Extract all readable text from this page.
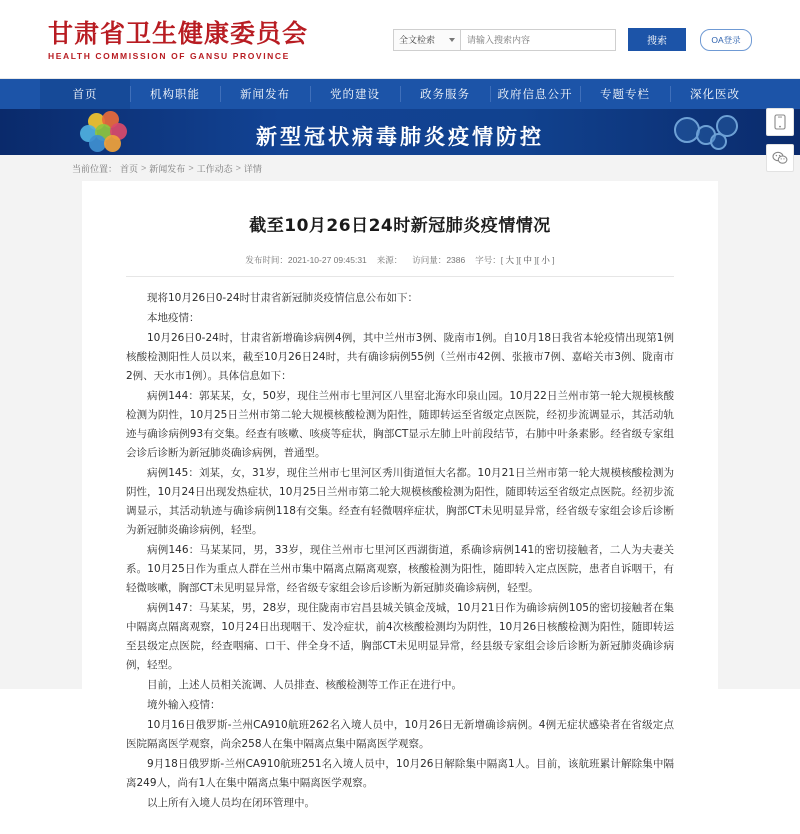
甘肃省卫生健康委员会
HEALTH COMMISSION OF GANSU PROVINCE
全文检索
请输入搜索内容	搜索	OA登录
首页	机构职能	新闻发布	党的建设	政务服务	政府信息公开	专题专栏	深化医改
新型冠状病毒肺炎疫情防控
当前位置： 首页 > 新闻发布 > 工作动态 > 详情
截至10月26日24时新冠肺炎疫情情况
发布时间：2021-10-27 09:45:31 来源： 访问量：2386 字号：[ 大 ][ 中 ][ 小 ]

现将10月26日0-24时甘肃省新冠肺炎疫情信息公布如下：

本地疫情：

10月26日0-24时，甘肃省新增确诊病例4例，其中兰州市3例、陇南市1例。自10月18日我省本轮疫情出现第1例核酸检测阳性人员以来，截至10月26日24时，共有确诊病例55例（兰州市42例、张掖市7例、嘉峪关市3例、陇南市2例、天水市1例）。具体信息如下：

病例144：郭某某，女，50岁，现住兰州市七里河区八里窑北海水印泉山园。10月22日兰州市第一轮大规模核酸检测为阴性，10月25日兰州市第二轮大规模核酸检测为阳性，随即转运至省级定点医院，经初步流调显示，其活动轨迹与确诊病例93有交集。经查有咳嗽、咳痰等症状，胸部CT显示左肺上叶前段结节，右肺中叶条素影。经省级专家组会诊后诊断为新冠肺炎确诊病例，普通型。

病例145：刘某，女，31岁，现住兰州市七里河区秀川街道恒大名都。10月21日兰州市第一轮大规模核酸检测为阴性，10月24日出现发热症状，10月25日兰州市第二轮大规模核酸检测为阳性，随即转运至省级定点医院。经初步流调显示，其活动轨迹与确诊病例118有交集。经查有轻微咽痒症状，胸部CT未见明显异常，经省级专家组会诊后诊断为新冠肺炎确诊病例，轻型。

病例146：马某某同，男，33岁，现住兰州市七里河区西湖街道，系确诊病例141的密切接触者，二人为夫妻关系。10月25日作为重点人群在兰州市集中隔离点隔离观察，核酸检测为阳性，随即转入定点医院，患者自诉咽干，有轻微咳嗽，胸部CT未见明显异常，经省级专家组会诊后诊断为新冠肺炎确诊病例，轻型。

病例147：马某某，男，28岁，现住陇南市宕昌县城关镇金茂城，10月21日作为确诊病例105的密切接触者在集中隔离点隔离观察，10月24日出现咽干、发冷症状，前4次核酸检测均为阴性，10月26日核酸检测为阳性，随即转运至县级定点医院，经查咽痛、口干、伴全身不适，胸部CT未见明显异常，经县级专家组会诊后诊断为新冠肺炎确诊病例，轻型。

目前，上述人员相关流调、人员排查、核酸检测等工作正在进行中。

境外输入疫情：

10月16日俄罗斯-兰州CA910航班262名入境人员中，10月26日无新增确诊病例。4例无症状感染者在省级定点医院隔离医学观察，尚余258人在集中隔离点集中隔离医学观察。

9月18日俄罗斯-兰州CA910航班251名入境人员中，10月26日解除集中隔离1人。目前，该航班累计解除集中隔离249人，尚有1人在集中隔离点集中隔离医学观察。

以上所有入境人员均在闭环管理中。
